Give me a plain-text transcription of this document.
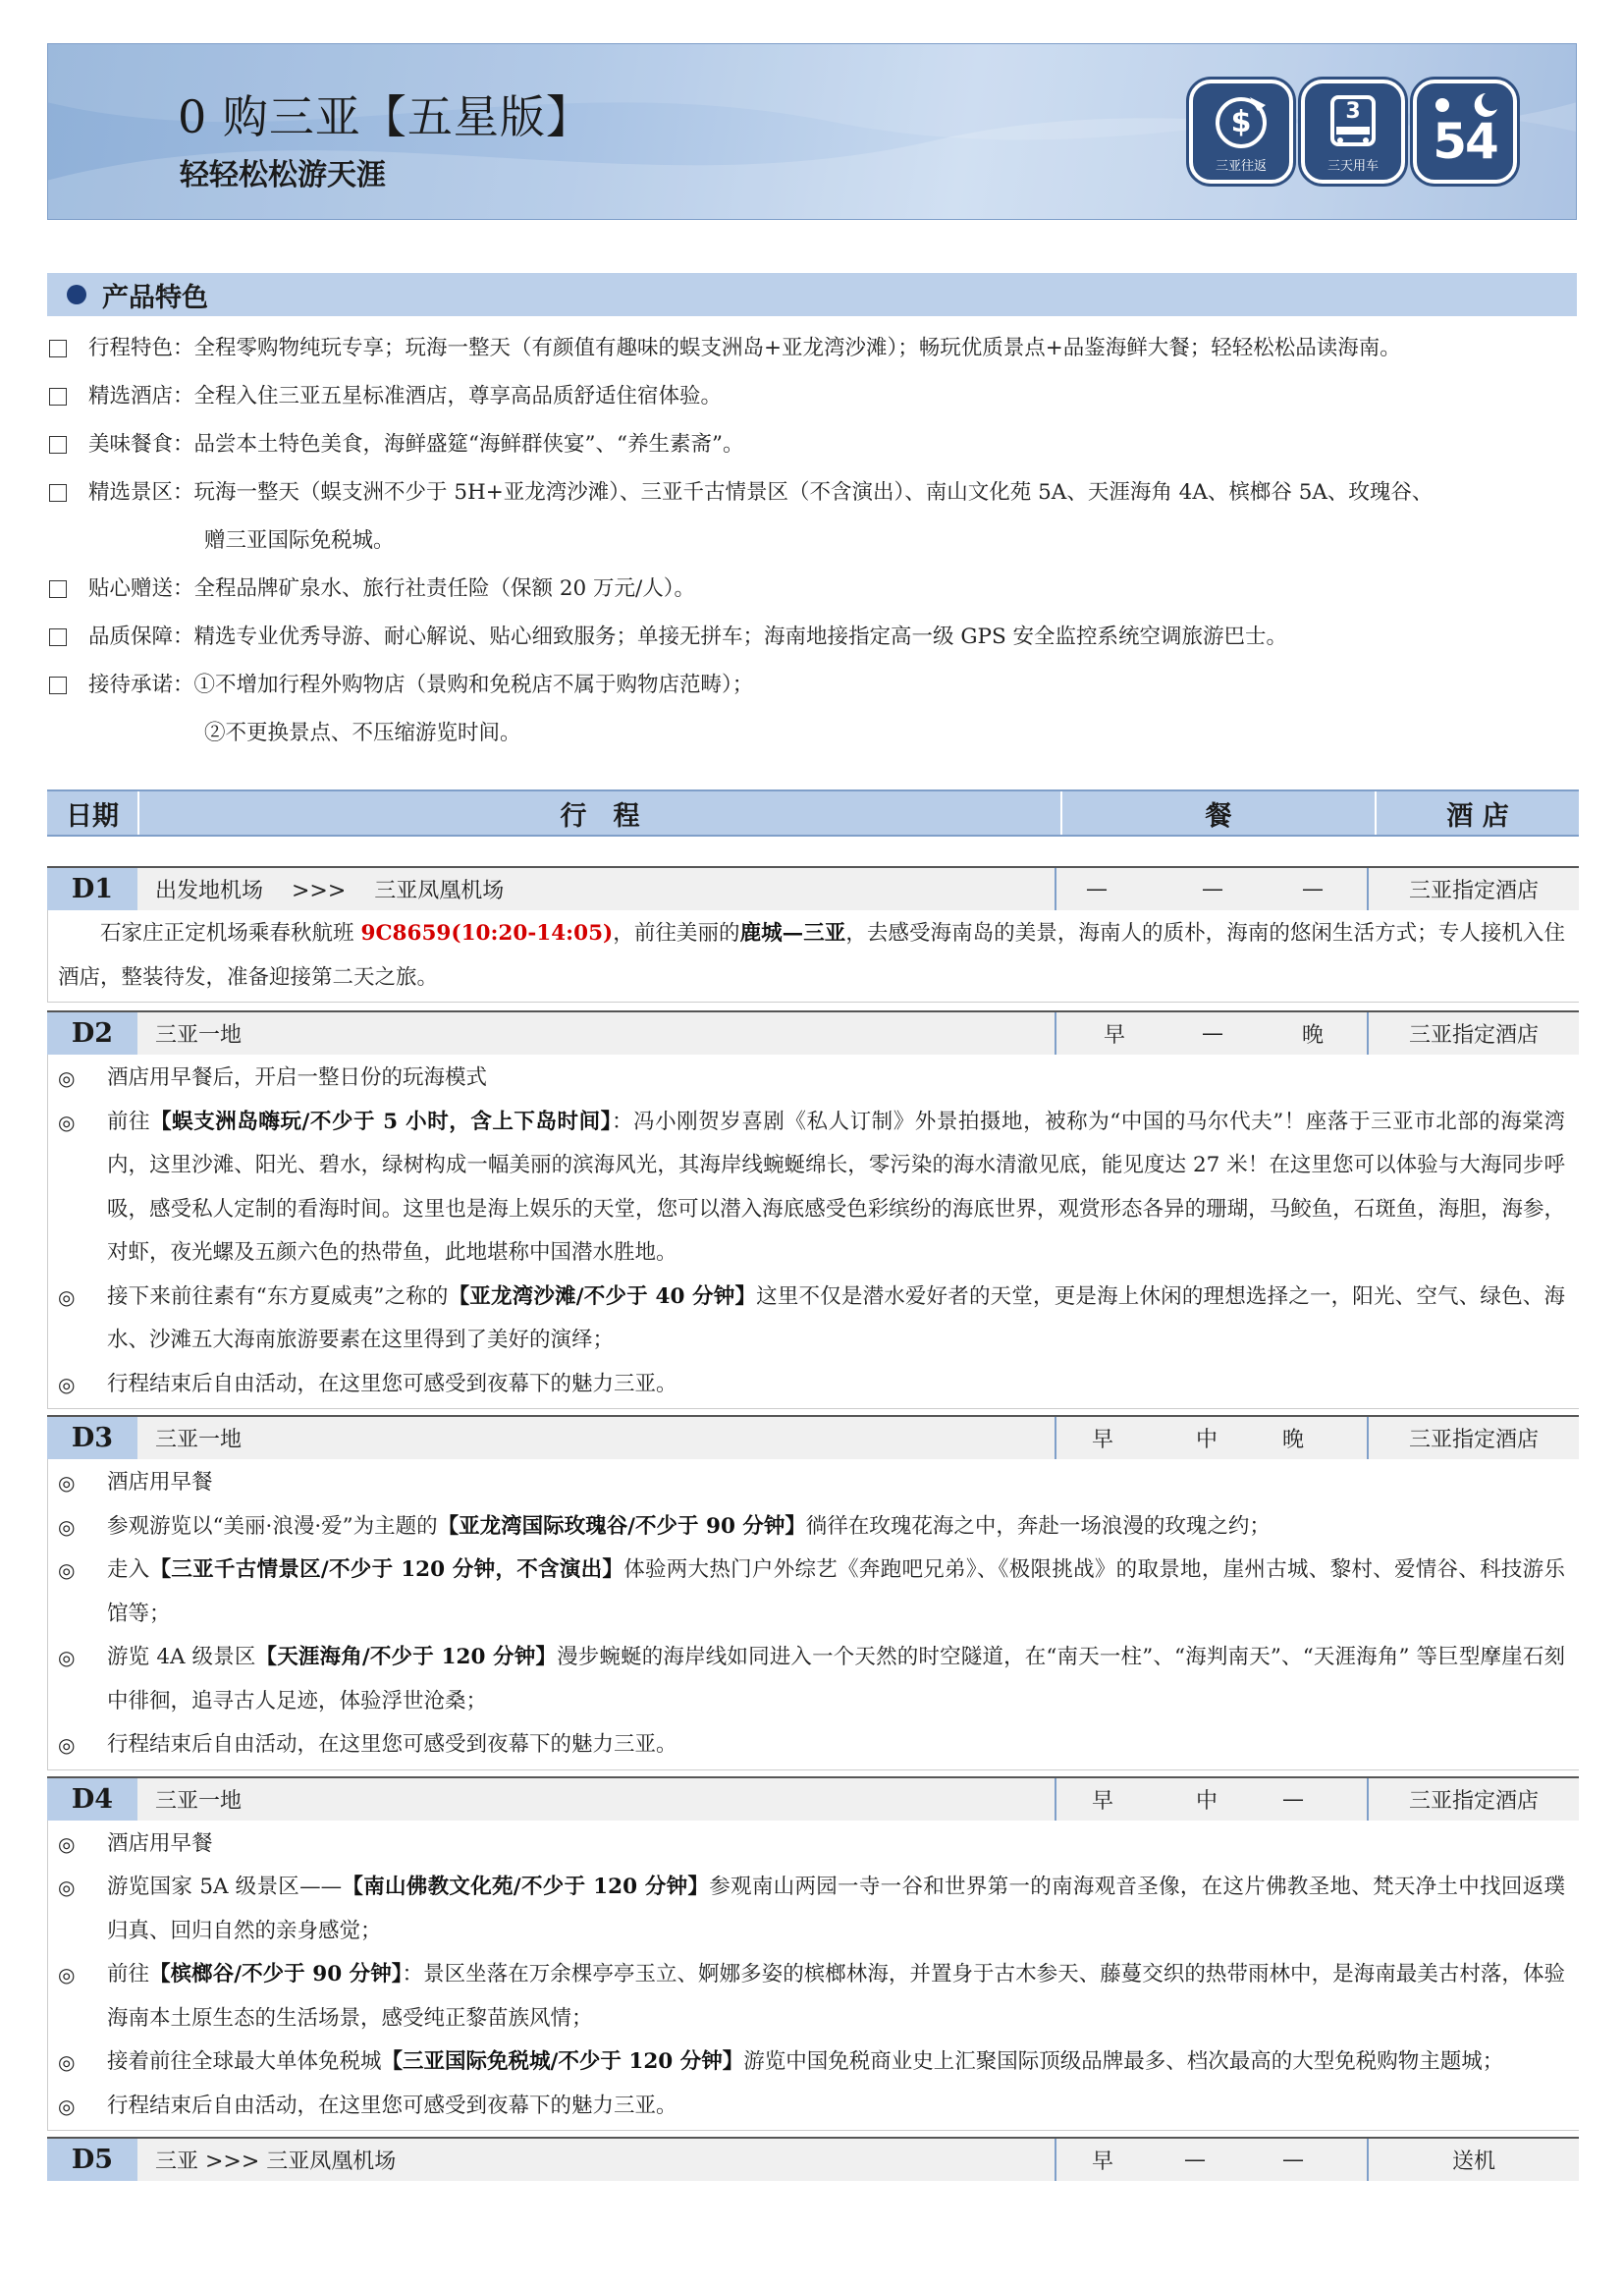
0 购三亚【五星版】
轻轻松松游天涯
$
三亚往返
3
三天用车	54
产品特色
行程特色： 全程零购物纯玩专享；玩海一整天（有颜值有趣味的蜈支洲岛+亚龙湾沙滩）；畅玩优质景点+品鉴海鲜大餐；轻轻松松品读海南。
精选酒店： 全程入住三亚五星标准酒店，尊享高品质舒适住宿体验。
美味餐食： 品尝本土特色美食，海鲜盛筵“海鲜群侠宴”、“养生素斋”。
精选景区： 玩海一整天（蜈支洲不少于 5H+亚龙湾沙滩）、三亚千古情景区（不含演出）、南山文化苑 5A、天涯海角 4A、槟榔谷 5A、玫瑰谷、
赠三亚国际免税城。
贴心赠送： 全程品牌矿泉水、旅行社责任险（保额 20 万元/人）。
品质保障： 精选专业优秀导游、耐心解说、贴心细致服务；单接无拼车；海南地接指定高一级 GPS 安全监控系统空调旅游巴士。
接待承诺： ①不增加行程外购物店（景购和免税店不属于购物店范畴）；
②不更换景点、不压缩游览时间。
日期	行　程	餐	酒 店
D1	出发地机场 　>>> 　三亚凤凰机场	—	—	—	三亚指定酒店
石家庄正定机场乘春秋航班 9C8659(10:20-14:05)，前往美丽的鹿城—三亚，去感受海南岛的美景，海南人的质朴，海南的悠闲生活方式；专人接机入住酒店，整装待发，准备迎接第二天之旅。
D2	三亚一地	早	—	晚	三亚指定酒店
◎	酒店用早餐后，开启一整日份的玩海模式
◎	前往【蜈支洲岛嗨玩/不少于 5 小时，含上下岛时间】：冯小刚贺岁喜剧《私人订制》外景拍摄地，被称为“中国的马尔代夫”！座落于三亚市北部的海棠湾内，这里沙滩、阳光、碧水，绿树构成一幅美丽的滨海风光，其海岸线蜿蜒绵长，零污染的海水清澈见底，能见度达 27 米！在这里您可以体验与大海同步呼吸，感受私人定制的看海时间。这里也是海上娱乐的天堂，您可以潜入海底感受色彩缤纷的海底世界，观赏形态各异的珊瑚，马鲛鱼，石斑鱼，海胆，海参，对虾，夜光螺及五颜六色的热带鱼，此地堪称中国潜水胜地。
◎	接下来前往素有“东方夏威夷”之称的【亚龙湾沙滩/不少于 40 分钟】这里不仅是潜水爱好者的天堂，更是海上休闲的理想选择之一，阳光、空气、绿色、海水、沙滩五大海南旅游要素在这里得到了美好的演绎；
◎	行程结束后自由活动，在这里您可感受到夜幕下的魅力三亚。
D3	三亚一地	早	中	晚	三亚指定酒店
◎	酒店用早餐
◎	参观游览以“美丽·浪漫·爱”为主题的【亚龙湾国际玫瑰谷/不少于 90 分钟】徜徉在玫瑰花海之中，奔赴一场浪漫的玫瑰之约；
◎	走入【三亚千古情景区/不少于 120 分钟，不含演出】体验两大热门户外综艺《奔跑吧兄弟》、《极限挑战》的取景地，崖州古城、黎村、爱情谷、科技游乐馆等；
◎	游览 4A 级景区【天涯海角/不少于 120 分钟】漫步蜿蜒的海岸线如同进入一个天然的时空隧道，在“南天一柱”、“海判南天”、“天涯海角” 等巨型摩崖石刻中徘徊，追寻古人足迹，体验浮世沧桑；
◎	行程结束后自由活动，在这里您可感受到夜幕下的魅力三亚。
D4	三亚一地	早	中	—	三亚指定酒店
◎	酒店用早餐
◎	游览国家 5A 级景区——【南山佛教文化苑/不少于 120 分钟】参观南山两园一寺一谷和世界第一的南海观音圣像，在这片佛教圣地、梵天净土中找回返璞归真、回归自然的亲身感觉；
◎	前往【槟榔谷/不少于 90 分钟】：景区坐落在万余棵亭亭玉立、婀娜多姿的槟榔林海，并置身于古木参天、藤蔓交织的热带雨林中，是海南最美古村落，体验海南本土原生态的生活场景，感受纯正黎苗族风情；
◎	接着前往全球最大单体免税城【三亚国际免税城/不少于 120 分钟】游览中国免税商业史上汇聚国际顶级品牌最多、档次最高的大型免税购物主题城；
◎	行程结束后自由活动，在这里您可感受到夜幕下的魅力三亚。
D5	三亚 >>> 三亚凤凰机场	早	—	—	送机
